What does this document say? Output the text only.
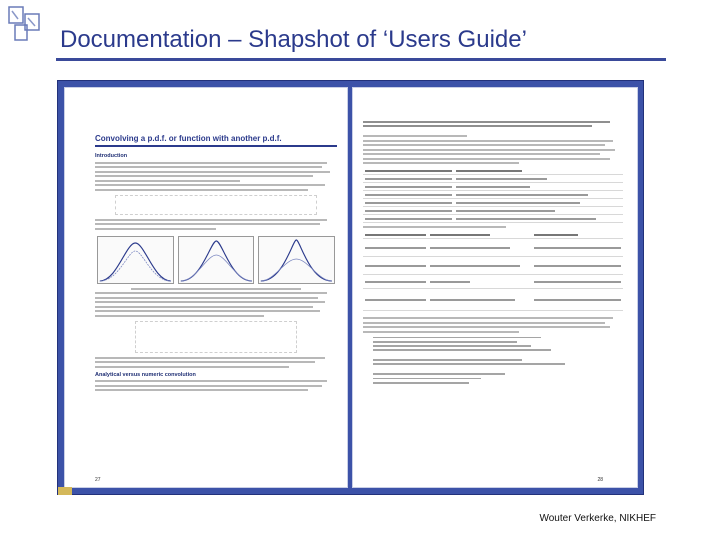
Documentation – Shapshot of ‘Users Guide’
Convolving a p.d.f. or function with another p.d.f.
Introduction
Analytical versus numeric convolution
27

		28
Wouter Verkerke, NIKHEF
